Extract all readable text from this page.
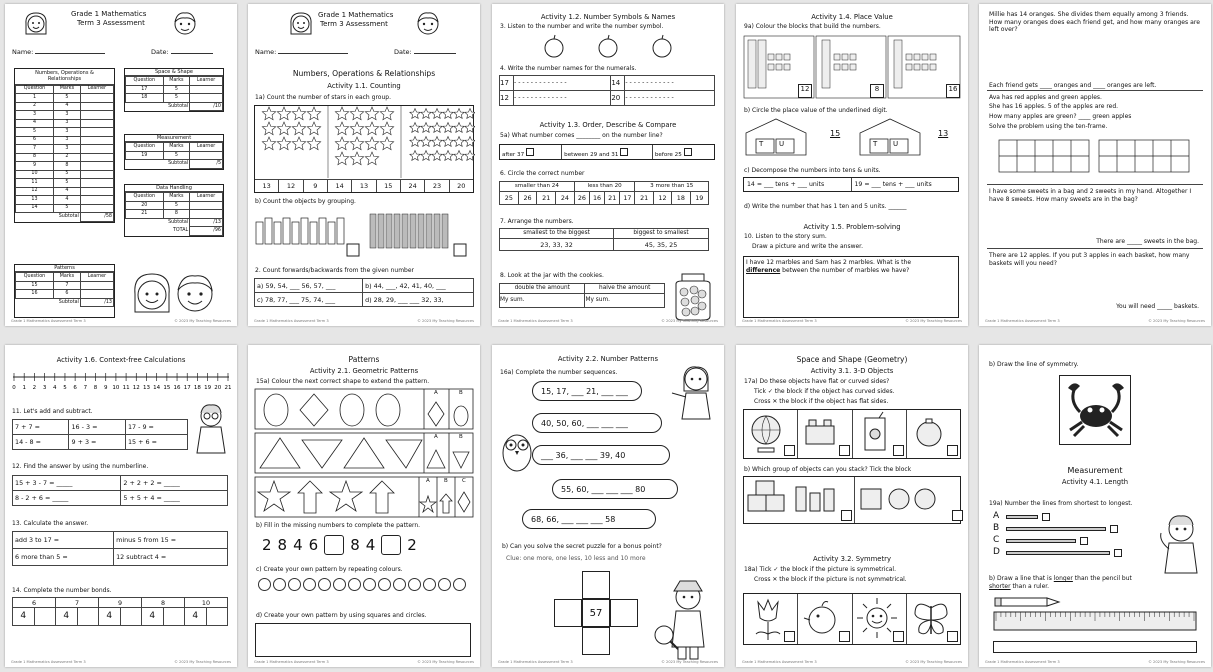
Grade 1 Mathematics
Term 3 Assessment
Name:	Date:
Numbers, Operations & Relationships
Question	Marks	Learner
1	5	
2	4	
3	3	
4	3	
5	3	
6	3	
7	3	
8	2	
9	8	
10	5	
11	5	
12	4	
13	4	
14	5	
Subtotal		/58
Patterns
Question	Marks	Learner
15	7	
16	6	
Subtotal		/13
Space & Shape
Question	Marks	Learner
17	5	
18	5	
Subtotal		/10
Measurement
Question	Marks	Learner
19	5	
Subtotal		/5
Data Handling
Question	Marks	Learner
20	5	
21	8	
Subtotal		/13
TOTAL		/96
Grade 1 Mathematics Assessment Term 3	© 2023 My Teaching Resources
Grade 1 Mathematics
Term 3 Assessment
Name:	Date:
Numbers, Operations & Relationships
Activity 1.1. Counting
1a) Count the number of stars in each group.
13	12	9	14	13	15	24	23	20
b) Count the objects by grouping.
2. Count forwards/backwards from the given number
a) 59, 54, ___ 56, 57, ___	b) 44, ___, 42, 41, 40, ___
c) 78, 77, ___ 75, 74, ___	d) 28, 29, ___ ___ 32, 33,
Grade 1 Mathematics Assessment Term 3	© 2023 My Teaching Resources
Activity 1.2. Number Symbols & Names
3. Listen to the number and write the number symbol.
4. Write the number names for the numerals.
17	- - - - - - - - - - - - -	14	- - - - - - - - - - - -
12	- - - - - - - - - - - - -	20	- - - - - - - - - - - -
Activity 1.3. Order, Describe & Compare
5a) What number comes ________ on the number line?
after 37	between 29 and 31	before 25
6. Circle the correct number
smaller than 24				less than 20				3 more than 15			
25	26	21	24	26	16	21	17	21	12	18	19
7. Arrange the numbers.
smallest to the biggest	biggest to smallest
23, 33, 32	45, 35, 25
8. Look at the jar with the cookies.
double the amount	halve the amount
My sum.	My sum.
Grade 1 Mathematics Assessment Term 3	© 2023 My Teaching Resources
Activity 1.4. Place Value
9a) Colour the blocks that build the numbers.
12	8	16
b) Circle the place value of the underlined digit.
T U	T U
15	13
c) Decompose the numbers into tens & units.
14 = ___ tens + ___ units	19 = ___ tens + ___ units
d) Write the number that has 1 ten and 5 units. ______
Activity 1.5. Problem-solving
10. Listen to the story sum.
Draw a picture and write the answer.
I have 12 marbles and Sam has 2 marbles. What is the
difference between the number of marbles we have?
Grade 1 Mathematics Assessment Term 3	© 2023 My Teaching Resources
Millie has 14 oranges. She divides them equally among 3 friends. How many oranges does each friend get, and how many oranges are left over?
Each friend gets ____ oranges and ____ oranges are left.
Ava has red apples and green apples.
She has 16 apples. 5 of the apples are red.
How many apples are green? ____ green apples
Solve the problem using the ten-frame.
I have some sweets in a bag and 2 sweets in my hand. Altogether I have 8 sweets. How many sweets are in the bag?
There are _____ sweets in the bag.
There are 12 apples. If you put 3 apples in each basket, how many baskets will you need?
You will need _____ baskets.
Grade 1 Mathematics Assessment Term 3	© 2023 My Teaching Resources
Activity 1.6. Context-free Calculations
0 1 2 3 4 5 6 7 8 9 10 11 12 13 14 15 16 17 18 19 20 21
11. Let's add and subtract.
7 + 7 =	16 - 3 =	17 - 9 =
14 - 8 =	9 + 3 =	15 + 6 =
12. Find the answer by using the numberline.
15 + 3 - 7 = _____	2 + 2 + 2 = _____
8 - 2 + 6 = _____	5 + 5 + 4 = _____
13. Calculate the answer.
add 3 to 17 =	minus 5 from 15 =
6 more than 5 =	12 subtract 4 =
14. Complete the number bonds.
6		7		9		8		10	
4		4		4		4		4	
Grade 1 Mathematics Assessment Term 3	© 2023 My Teaching Resources
Patterns
Activity 2.1. Geometric Patterns
15a) Colour the next correct shape to extend the pattern.
A	B
A	B
A	B	C
b) Fill in the missing numbers to complete the pattern.
2 8 4 6 8 4 2
c) Create your own pattern by repeating colours.
d) Create your own pattern by using squares and circles.
Grade 1 Mathematics Assessment Term 3	© 2023 My Teaching Resources
Activity 2.2. Number Patterns
16a) Complete the number sequences.
15, 17, ___ 21, ___ ___
40, 50, 60, ___ ___ ___
___ 36, ___ ___ 39, 40
55, 60, ___ ___ ___ 80
68, 66, ___ ___ ___ 58
b) Can you solve the secret puzzle for a bonus point?
Clue: one more, one less, 10 less and 10 more
57
Grade 1 Mathematics Assessment Term 3	© 2023 My Teaching Resources
Space and Shape (Geometry)
Activity 3.1. 3-D Objects
17a) Do these objects have flat or curved sides?
Tick ✓ the block if the object has curved sides.
Cross ✕ the block if the object has flat sides.
b) Which group of objects can you stack? Tick the block
Activity 3.2. Symmetry
18a) Tick ✓ the block if the picture is symmetrical.
Cross ✕ the block if the picture is not symmetrical.
Grade 1 Mathematics Assessment Term 3	© 2023 My Teaching Resources
b) Draw the line of symmetry.
Measurement
Activity 4.1. Length
19a) Number the lines from shortest to longest.
A
B
C
D
b) Draw a line that is longer than the pencil but
shorter than a ruler.
Grade 1 Mathematics Assessment Term 3	© 2023 My Teaching Resources
